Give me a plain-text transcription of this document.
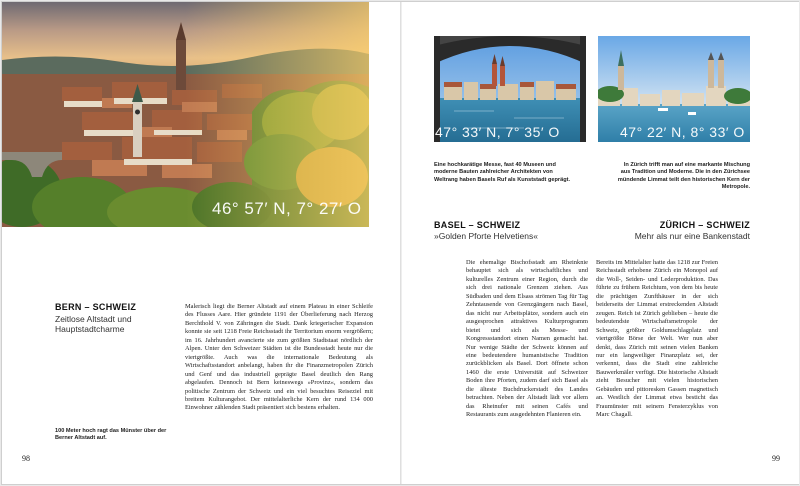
46° 57′ N, 7° 27′ O
BERN – SCHWEIZ
Zeitlose Altstadt und Hauptstadtcharme
100 Meter hoch ragt das Münster über der Berner Altstadt auf.
Malerisch liegt die Berner Altstadt auf einem Plateau in einer Schleife des Flusses Aare. Hier gründete 1191 der Überlieferung nach Herzog Berchthold V. von Zähringen die Stadt. Dank kriegerischer Expansion konnte sie seit 1218 Freie Reichsstadt ihr Territorium enorm vergrößern; im 16. Jahrhundert avancierte sie zum größten Stadtstaat nördlich der Alpen. Unter den Schweizer Städten ist die Bundesstadt heute nur die viertgrößte. Auch was die internationale Bedeutung als Wirtschaftsstandort anbelangt, haben ihr die Finanzmetropolen Zürich und Genf und das industriell geprägte Basel deutlich den Rang abgelaufen. Dennoch ist Bern keineswegs »Provinz«, sondern das politische Zentrum der Schweiz und ein viel besuchtes Reiseziel mit breitem Kulturangebot. Der mittelalterliche Kern der rund 134 000 Einwohner zählenden Stadt präsentiert sich bestens erhalten.
98
47° 33′ N, 7° 35′ O	47° 22′ N, 8° 33′ O
Eine hochkarätige Messe, fast 40 Museen und moderne Bauten zahlreicher Architekten von Weltrang haben Basels Ruf als Kunststadt geprägt.
In Zürich trifft man auf eine markante Mischung aus Tradition und Moderne. Die in den Zürichsee mündende Limmat teilt den historischen Kern der Metropole.
BASEL – SCHWEIZ
»Golden Pforte Helvetiens«
ZÜRICH – SCHWEIZ
Mehr als nur eine Bankenstadt
Die ehemalige Bischofsstadt am Rheinknie behauptet sich als wirtschaftliches und kulturelles Zentrum einer Region, durch die sich drei nationale Grenzen ziehen. Aus Südbaden und dem Elsass strömen Tag für Tag Zehntausende von Grenzgängern nach Basel, das nicht nur Arbeitsplätze, sondern auch ein ausgesprochen attraktives Kulturprogramm bietet und sich als Messe- und Kongressstandort einen Namen gemacht hat. Nur wenige Städte der Schweiz können auf eine bedeutendere humanistische Tradition zurückblicken als Basel. Dort öffnete schon 1460 die erste Universität auf Schweizer Boden ihre Pforten, zudem darf sich Basel als die älteste Buchdruckerstadt des Landes betrachten. Neben der Altstadt lädt vor allem das Rheinufer mit seinen Cafés und Restaurants zum ausgedehnten Flanieren ein.
Bereits im Mittelalter hatte das 1218 zur Freien Reichsstadt erhobene Zürich ein Monopol auf die Woll-, Seiden- und Lederproduktion. Das führte zu frühem Reichtum, von dem bis heute die prächtigen Zunfthäuser in der sich beiderseits der Limmat erstreckenden Altstadt zeugen. Reich ist Zürich geblieben – heute die bedeutendste Wirtschaftsmetropole der Schweiz, größter Goldumschlagplatz und viertgrößte Börse der Welt. Wer nun aber denkt, dass Zürich mit seinen vielen Banken nur ein langweiliger Finanzplatz sei, der verkennt, dass die Stadt eine zahlreiche Bauwerkmäler verfügt. Die historische Altstadt zieht Besucher mit vielen historischen Gebäuden und pittoresken Gassen magnetisch an. Westlich der Limmat etwa besticht das Fraumünster mit seinem Fensterzyklus von Marc Chagall.
99
